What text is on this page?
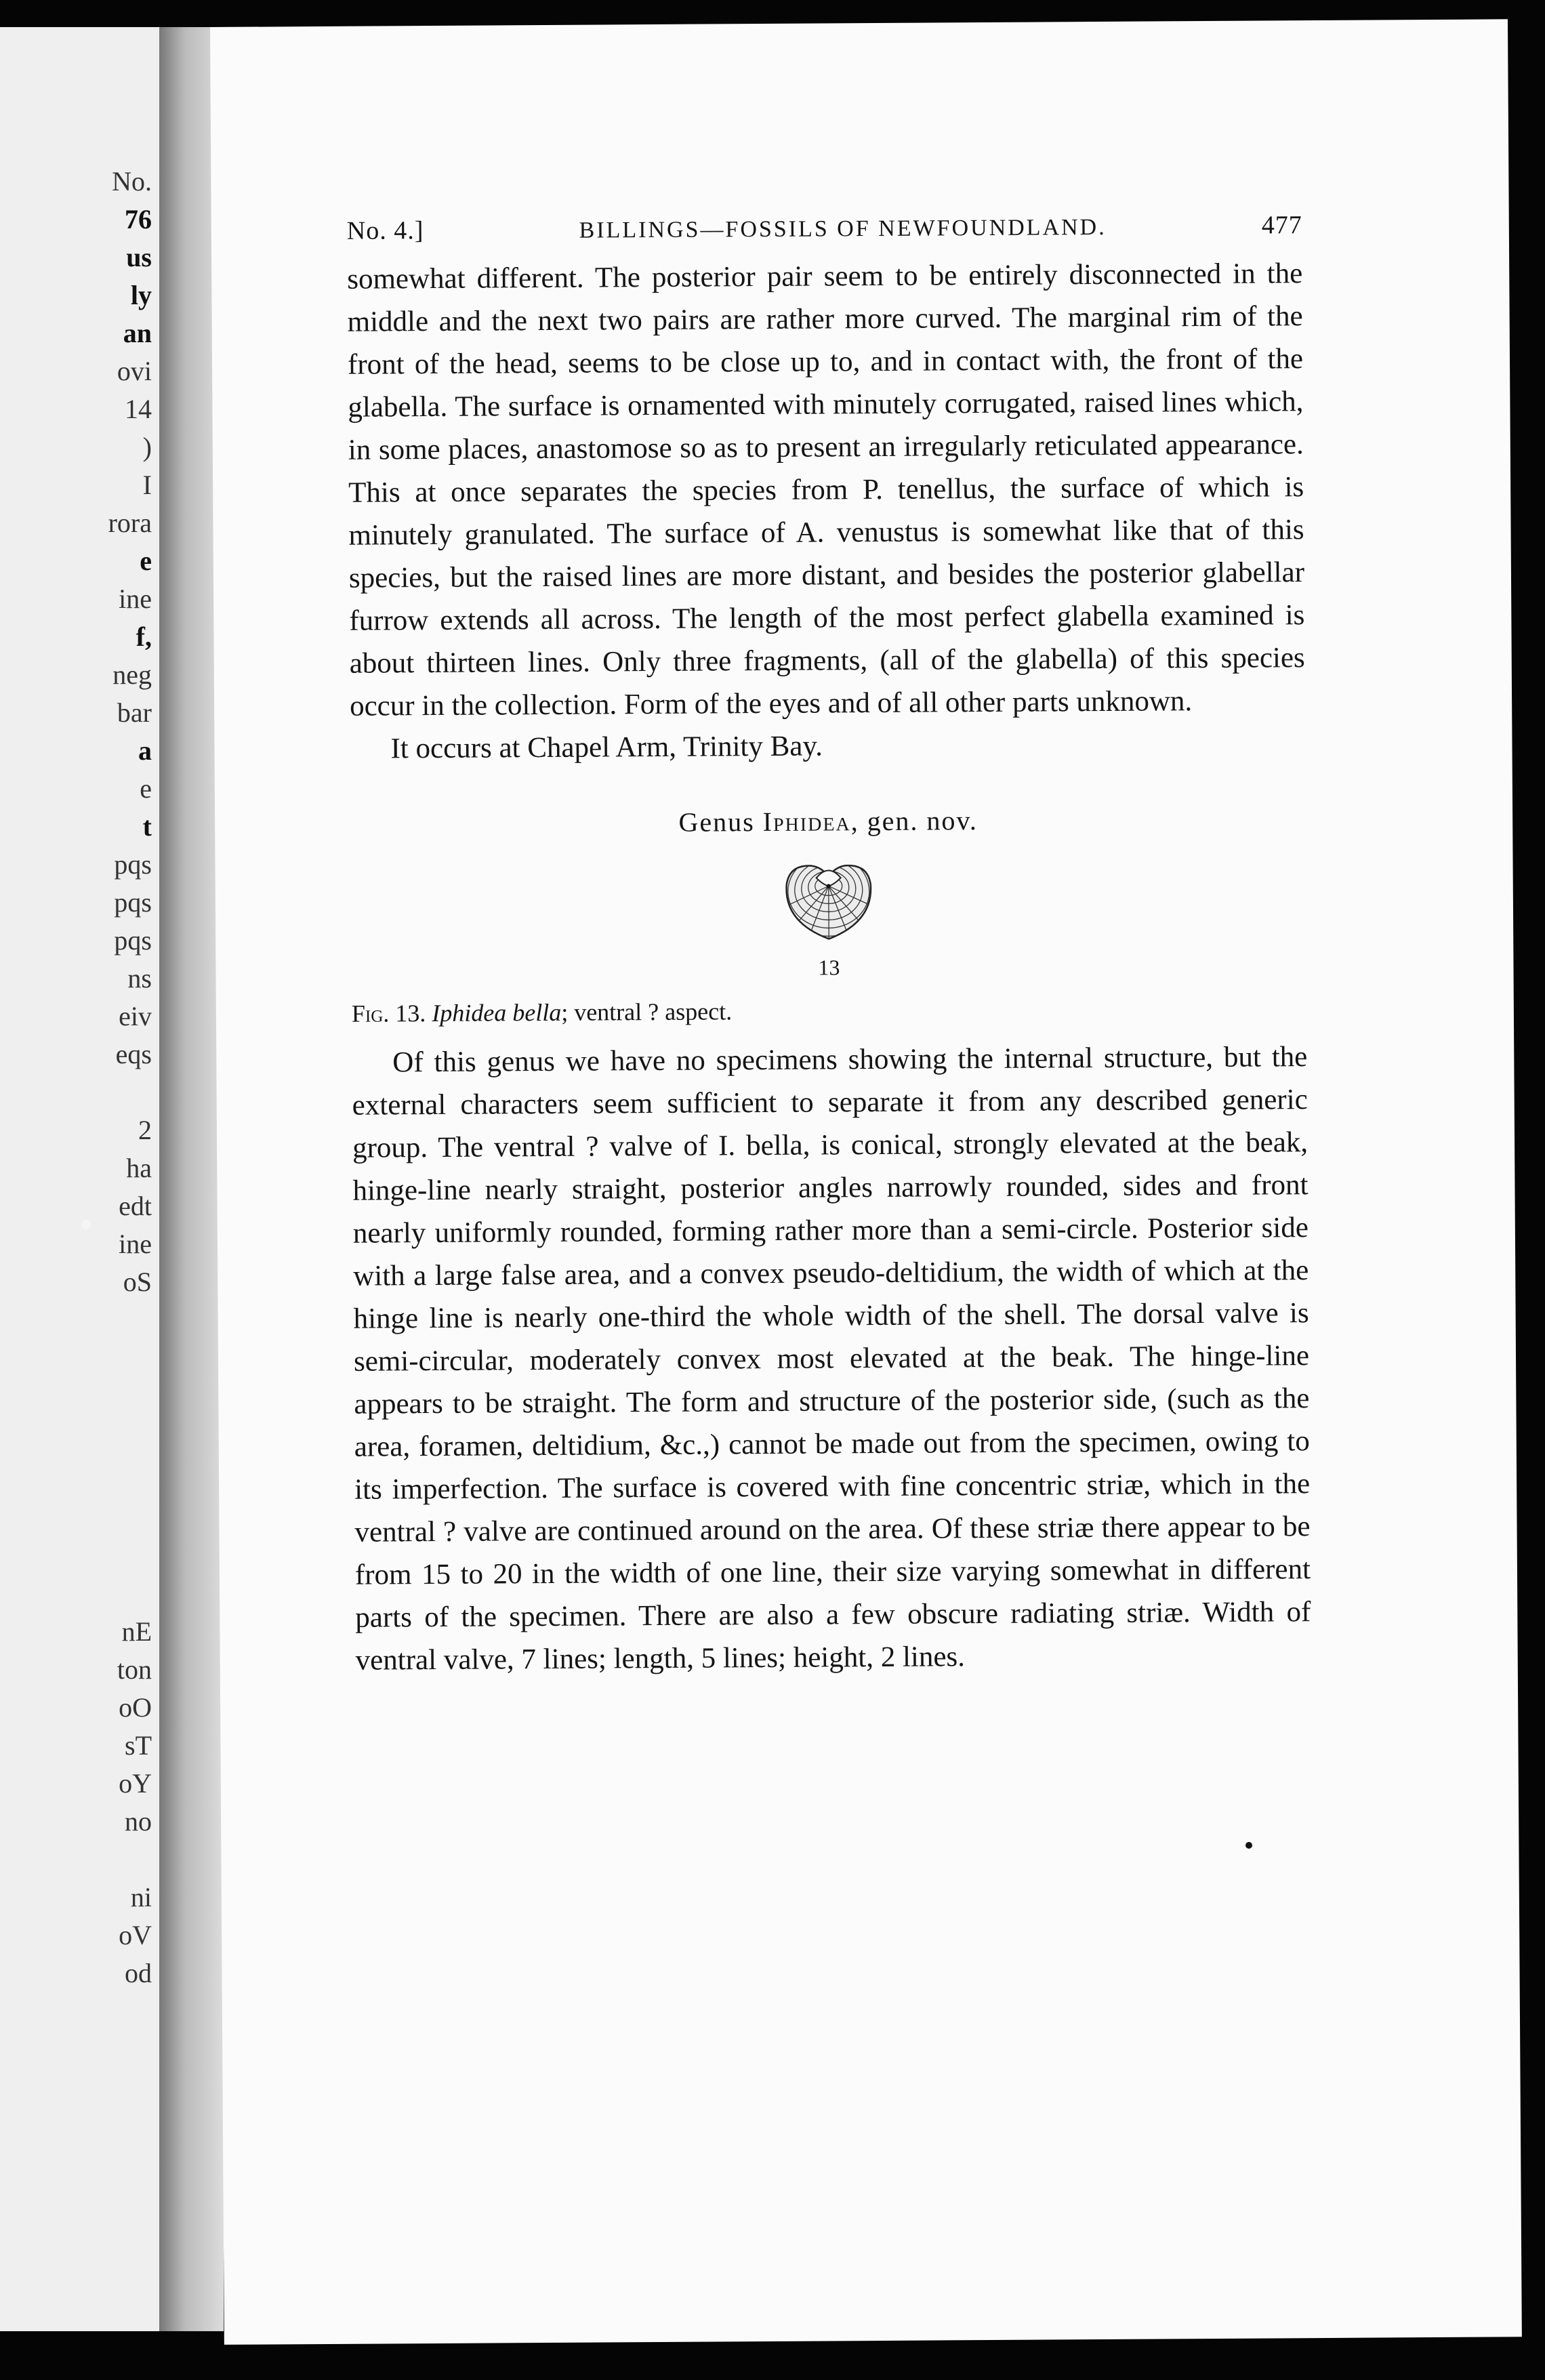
No.
76
us
ly
an
ovi
14
)
I
rora
e
ine
f,
neg
bar
a
e
t
pqs
pqs
pqs
ns
eiv
eqs

2
ha
edt
ine
oS
nE
ton
oO
sT
oY
no

ni
oV
od
No. 4.]	BILLINGS—FOSSILS OF NEWFOUNDLAND.	477

somewhat different. The posterior pair seem to be entirely disconnected in the middle and the next two pairs are rather more curved. The marginal rim of the front of the head, seems to be close up to, and in contact with, the front of the glabella. The surface is ornamented with minutely corrugated, raised lines which, in some places, anastomose so as to present an irregularly reticulated appearance. This at once separates the species from P. tenellus, the surface of which is minutely granulated. The surface of A. venustus is somewhat like that of this species, but the raised lines are more distant, and besides the posterior glabellar furrow extends all across. The length of the most perfect glabella examined is about thirteen lines. Only three fragments, (all of the glabella) of this species occur in the collection. Form of the eyes and of all other parts unknown.

It occurs at Chapel Arm, Trinity Bay.

Genus Iphidea, gen. nov.
13
Fig. 13. Iphidea bella; ventral ? aspect.

Of this genus we have no specimens showing the internal structure, but the external characters seem sufficient to separate it from any described generic group. The ventral ? valve of I. bella, is conical, strongly elevated at the beak, hinge-line nearly straight, posterior angles narrowly rounded, sides and front nearly uniformly rounded, forming rather more than a semi-circle. Posterior side with a large false area, and a convex pseudo-deltidium, the width of which at the hinge line is nearly one-third the whole width of the shell. The dorsal valve is semi-circular, moderately convex most elevated at the beak. The hinge-line appears to be straight. The form and structure of the posterior side, (such as the area, foramen, deltidium, &c.,) cannot be made out from the specimen, owing to its imperfection. The surface is covered with fine concentric striæ, which in the ventral ? valve are continued around on the area. Of these striæ there appear to be from 15 to 20 in the width of one line, their size varying somewhat in different parts of the specimen. There are also a few obscure radiating striæ. Width of ventral valve, 7 lines; length, 5 lines; height, 2 lines.
